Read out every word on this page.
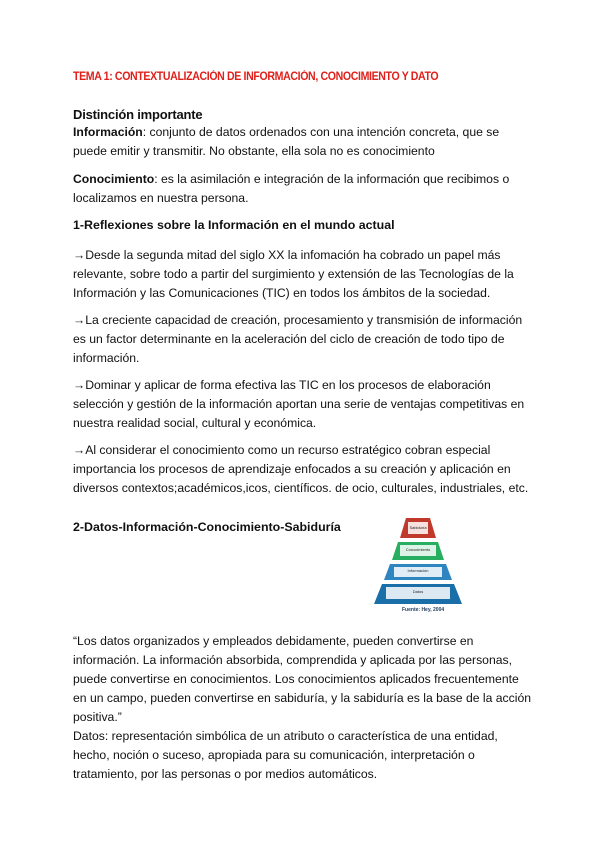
TEMA 1: CONTEXTUALIZACIÓN DE INFORMACIÓN, CONOCIMIENTO Y DATO
Distinción importante

Información: conjunto de datos ordenados con una intención concreta, que se puede emitir y transmitir. No obstante, ella sola no es conocimiento

Conocimiento: es la asimilación e integración de la información que recibimos o localizamos en nuestra persona.

1-Reflexiones sobre la Información en el mundo actual

→Desde la segunda mitad del siglo XX la infomación ha cobrado un papel más relevante, sobre todo a partir del surgimiento y extensión de las Tecnologías de la Información y las Comunicaciones (TIC) en todos los ámbitos de la sociedad.

→La creciente capacidad de creación, procesamiento y transmisión de información es un factor determinante en la aceleración del ciclo de creación de todo tipo de información.

→Dominar y aplicar de forma efectiva las TIC en los procesos de elaboración selección y gestión de la información aportan una serie de ventajas competitivas en nuestra realidad social, cultural y económica.

→Al considerar el conocimiento como un recurso estratégico cobran especial importancia los procesos de aprendizaje enfocados a su creación y aplicación en diversos contextos;académicos,icos, científicos. de ocio, culturales, industriales, etc.

2-Datos-Información-Conocimiento-Sabiduría	Sabiduría
Conocimiento
Información
Datos
Fuente: Hey, 2004

“Los datos organizados y empleados debidamente, pueden convertirse en información. La información absorbida, comprendida y aplicada por las personas, puede convertirse en conocimientos. Los conocimientos aplicados frecuentemente en un campo, pueden convertirse en sabiduría, y la sabiduría es la base de la acción positiva.”

Datos: representación simbólica de un atributo o característica de una entidad, hecho, noción o suceso, apropiada para su comunicación, interpretación o tratamiento, por las personas o por medios automáticos.
